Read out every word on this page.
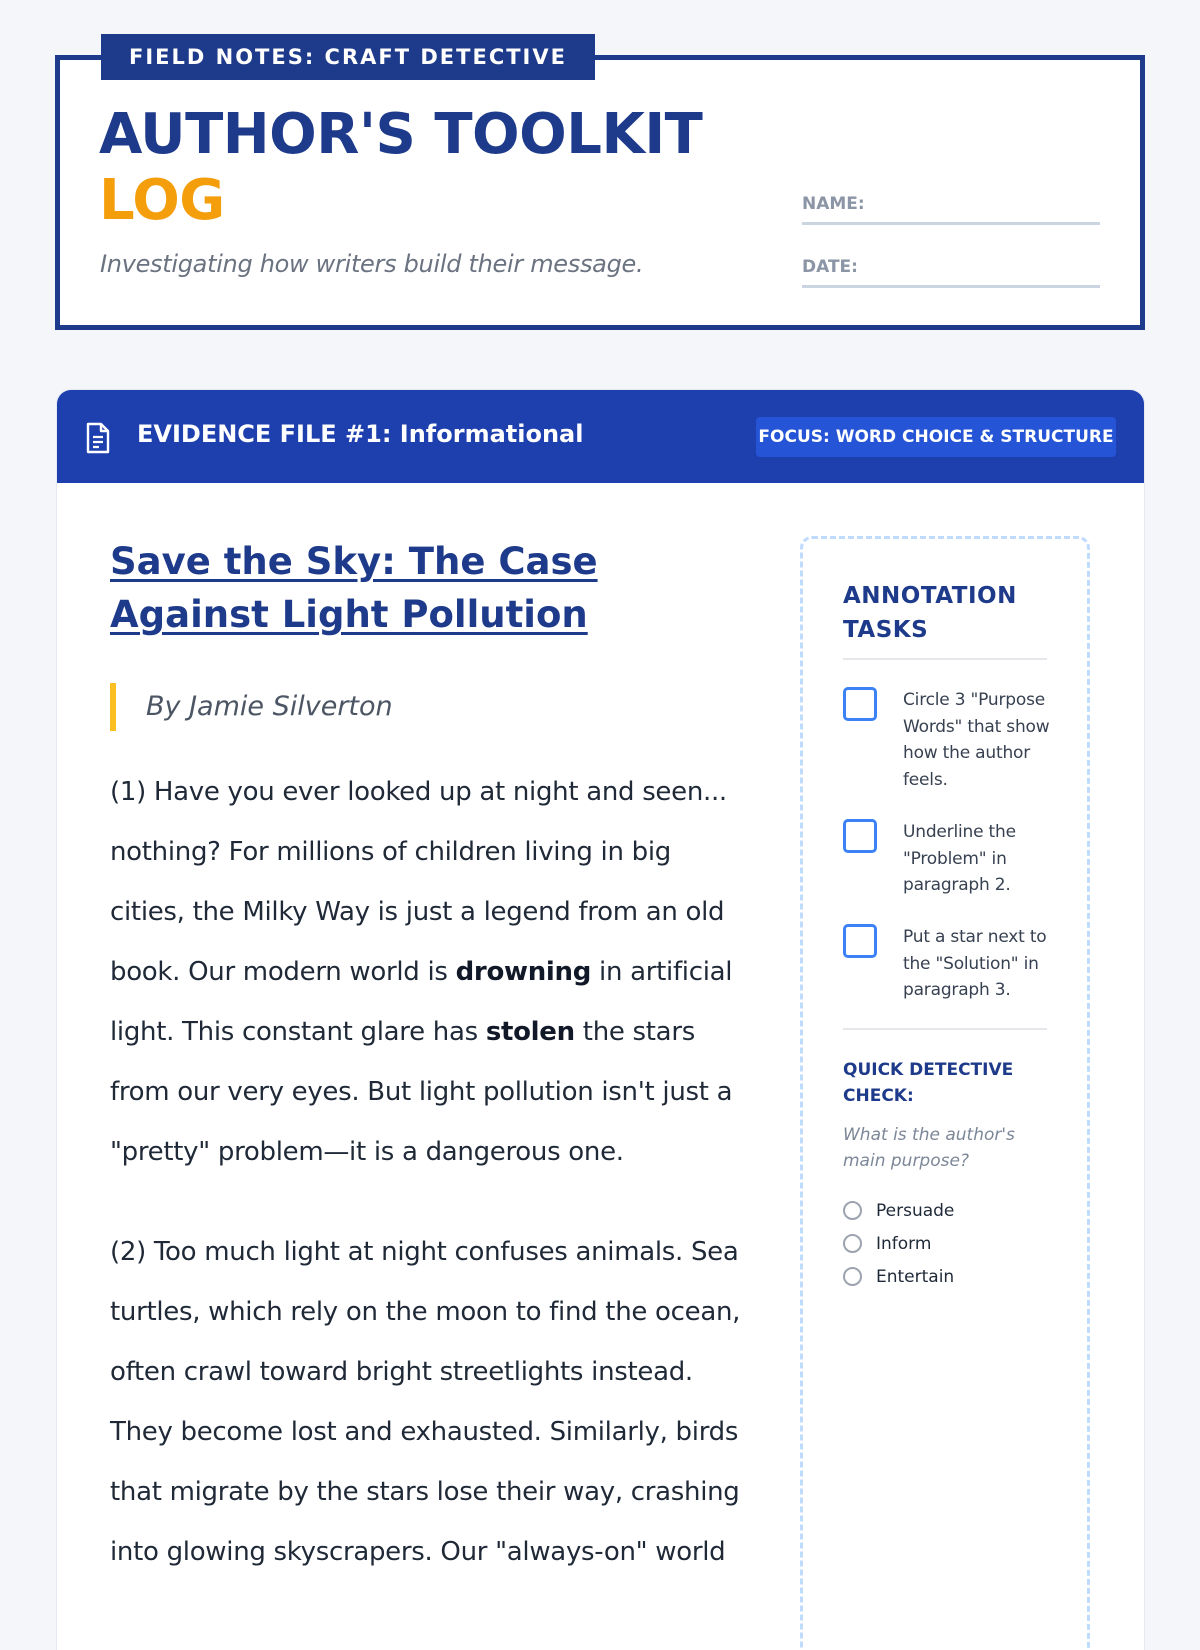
FIELD NOTES: CRAFT DETECTIVE
AUTHOR'S TOOLKIT
LOG
Investigating how writers build their message.
NAME:
DATE:
EVIDENCE FILE #1: Informational	FOCUS: WORD CHOICE & STRUCTURE
Save the Sky: The Case Against Light Pollution
By Jamie Silverton
(1) Have you ever looked up at night and seen... nothing? For millions of children living in big cities, the Milky Way is just a legend from an old book. Our modern world is drowning in artificial light. This constant glare has stolen the stars from our very eyes. But light pollution isn't just a "pretty" problem—it is a dangerous one.
(2) Too much light at night confuses animals. Sea turtles, which rely on the moon to find the ocean, often crawl toward bright streetlights instead. They become lost and exhausted. Similarly, birds that migrate by the stars lose their way, crashing into glowing skyscrapers. Our "always-on" world
ANNOTATION TASKS
Circle 3 "Purpose Words" that show how the author feels.
Underline the "Problem" in paragraph 2.
Put a star next to the "Solution" in paragraph 3.
QUICK DETECTIVE CHECK:
What is the author's main purpose?
Persuade
Inform
Entertain
